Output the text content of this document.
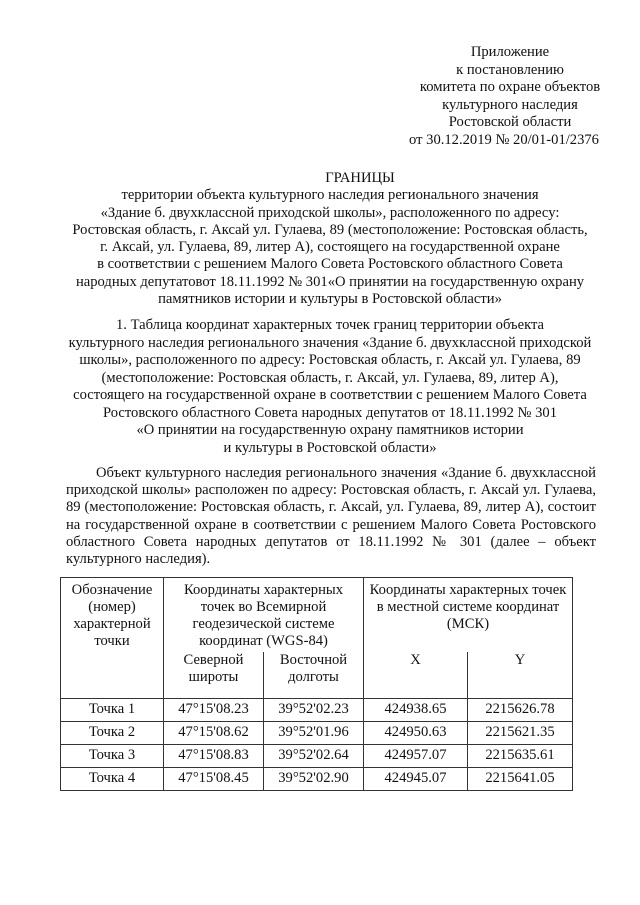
Приложение
к постановлению
комитета по охране объектов
культурного наследия
Ростовской области
от 30.12.2019 № 20/01-01/2376
ГРАНИЦЫ
территории объекта культурного наследия регионального значения
«Здание б. двухклассной приходской школы», расположенного по адресу:
Ростовская область, г. Аксай ул. Гулаева, 89 (местоположение: Ростовская область,
г. Аксай, ул. Гулаева, 89, литер А), состоящего на государственной охране
в соответствии с решением Малого Совета Ростовского областного Совета
народных депутатовот 18.11.1992 № 301«О принятии на государственную охрану
памятников истории и культуры в Ростовской области»
1. Таблица координат характерных точек границ территории объекта
культурного наследия регионального значения «Здание б. двухклассной приходской
школы», расположенного по адресу: Ростовская область, г. Аксай ул. Гулаева, 89
(местоположение: Ростовская область, г. Аксай, ул. Гулаева, 89, литер А),
состоящего на государственной охране в соответствии с решением Малого Совета
Ростовского областного Совета народных депутатов от 18.11.1992 № 301
«О принятии на государственную охрану памятников истории
и культуры в Ростовской области»
Объект культурного наследия регионального значения «Здание б. двухклассной приходской школы» расположен по адресу: Ростовская область, г. Аксай ул. Гулаева, 89 (местоположение: Ростовская область, г. Аксай, ул. Гулаева, 89, литер А), состоит на государственной охране в соответствии с решением Малого Совета Ростовского областного Совета народных депутатов от 18.11.1992 № 301 (далее – объект культурного наследия).
Обозначение (номер) характерной точки	Координаты характерных точек во Всемирной геодезической системе координат (WGS-84)		Координаты характерных точек в местной системе координат (МСК)	
	Северной широты	Восточной долготы	X	Y
Точка 1	47°15'08.23	39°52'02.23	424938.65	2215626.78
Точка 2	47°15'08.62	39°52'01.96	424950.63	2215621.35
Точка 3	47°15'08.83	39°52'02.64	424957.07	2215635.61
Точка 4	47°15'08.45	39°52'02.90	424945.07	2215641.05
